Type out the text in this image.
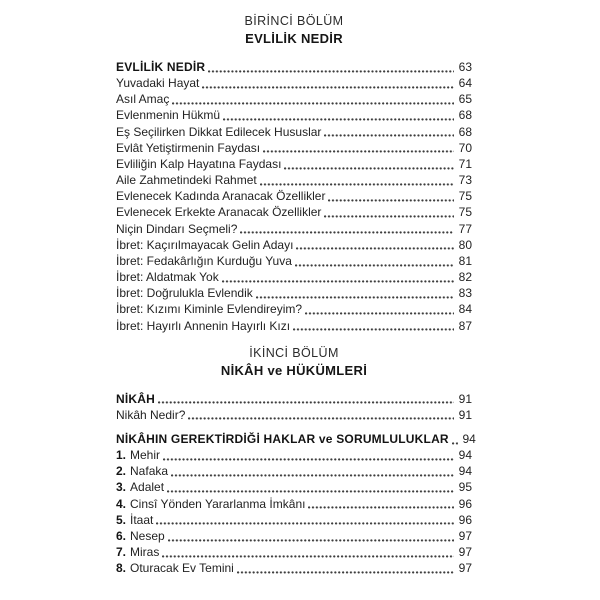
BİRİNCİ BÖLÜM
EVLİLİK NEDİR
EVLİLİK NEDİR	63
Yuvadaki Hayat	64
Asıl Amaç	65
Evlenmenin Hükmü	68
Eş Seçilirken Dikkat Edilecek Hususlar	68
Evlât Yetiştirmenin Faydası	70
Evliliğin Kalp Hayatına Faydası	71
Aile Zahmetindeki Rahmet	73
Evlenecek Kadında Aranacak Özellikler	75
Evlenecek Erkekte Aranacak Özellikler	75
Niçin Dindarı Seçmeli?	77
İbret: Kaçırılmayacak Gelin Adayı	80
İbret: Fedakârlığın Kurduğu Yuva	81
İbret: Aldatmak Yok	82
İbret: Doğrulukla Evlendik	83
İbret: Kızımı Kiminle Evlendireyim?	84
İbret: Hayırlı Annenin Hayırlı Kızı	87
İKİNCİ BÖLÜM
NİKÂH ve HÜKÜMLERİ
NİKÂH	91
Nikâh Nedir?	91
NİKÂHIN GEREKTİRDİĞİ HAKLAR ve SORUMLULUKLAR 94
1. Mehir	94
2. Nafaka	94
3. Adalet	95
4. Cinsî Yönden Yararlanma İmkânı	96
5. İtaat	96
6. Nesep	97
7. Miras	97
8. Oturacak Ev Temini	97
